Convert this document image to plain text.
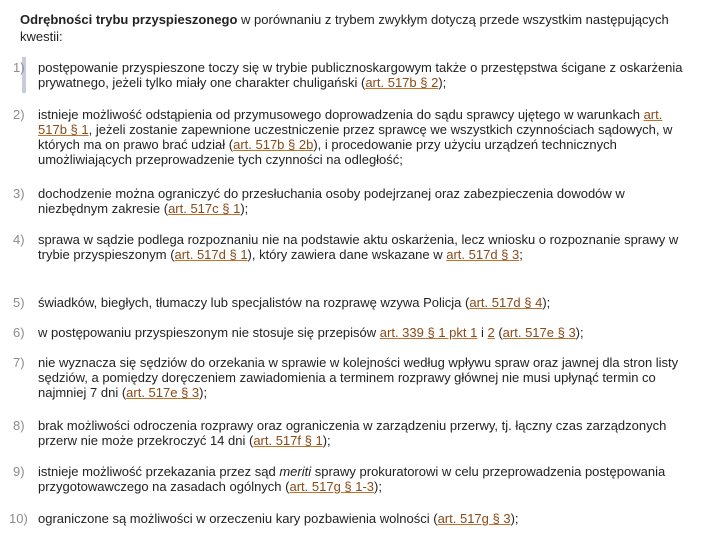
Odrębności trybu przyspieszonego w porównaniu z trybem zwykłym dotyczą przede wszystkim następujących kwestii:
1) postępowanie przyspieszone toczy się w trybie publicznoskargowym także o przestępstwa ścigane z oskarżenia prywatnego, jeżeli tylko miały one charakter chuligański (art. 517b § 2);
2) istnieje możliwość odstąpienia od przymusowego doprowadzenia do sądu sprawcy ujętego w warunkach art. 517b § 1, jeżeli zostanie zapewnione uczestniczenie przez sprawcę we wszystkich czynnościach sądowych, w których ma on prawo brać udział (art. 517b § 2b), i procedowanie przy użyciu urządzeń technicznych umożliwiających przeprowadzenie tych czynności na odległość;
3) dochodzenie można ograniczyć do przesłuchania osoby podejrzanej oraz zabezpieczenia dowodów w niezbędnym zakresie (art. 517c § 1);
4) sprawa w sądzie podlega rozpoznaniu nie na podstawie aktu oskarżenia, lecz wniosku o rozpoznanie sprawy w trybie przyspieszonym (art. 517d § 1), który zawiera dane wskazane w art. 517d § 3;
5) świadków, biegłych, tłumaczy lub specjalistów na rozprawę wzywa Policja (art. 517d § 4);
6) w postępowaniu przyspieszonym nie stosuje się przepisów art. 339 § 1 pkt 1 i 2 (art. 517e § 3);
7) nie wyznacza się sędziów do orzekania w sprawie w kolejności według wpływu spraw oraz jawnej dla stron listy sędziów, a pomiędzy doręczeniem zawiadomienia a terminem rozprawy głównej nie musi upłynąć termin co najmniej 7 dni (art. 517e § 3);
8) brak możliwości odroczenia rozprawy oraz ograniczenia w zarządzeniu przerwy, tj. łączny czas zarządzonych przerw nie może przekroczyć 14 dni (art. 517f § 1);
9) istnieje możliwość przekazania przez sąd meriti sprawy prokuratorowi w celu przeprowadzenia postępowania przygotowawczego na zasadach ogólnych (art. 517g § 1-3);
10) ograniczone są możliwości w orzeczeniu kary pozbawienia wolności (art. 517g § 3);
